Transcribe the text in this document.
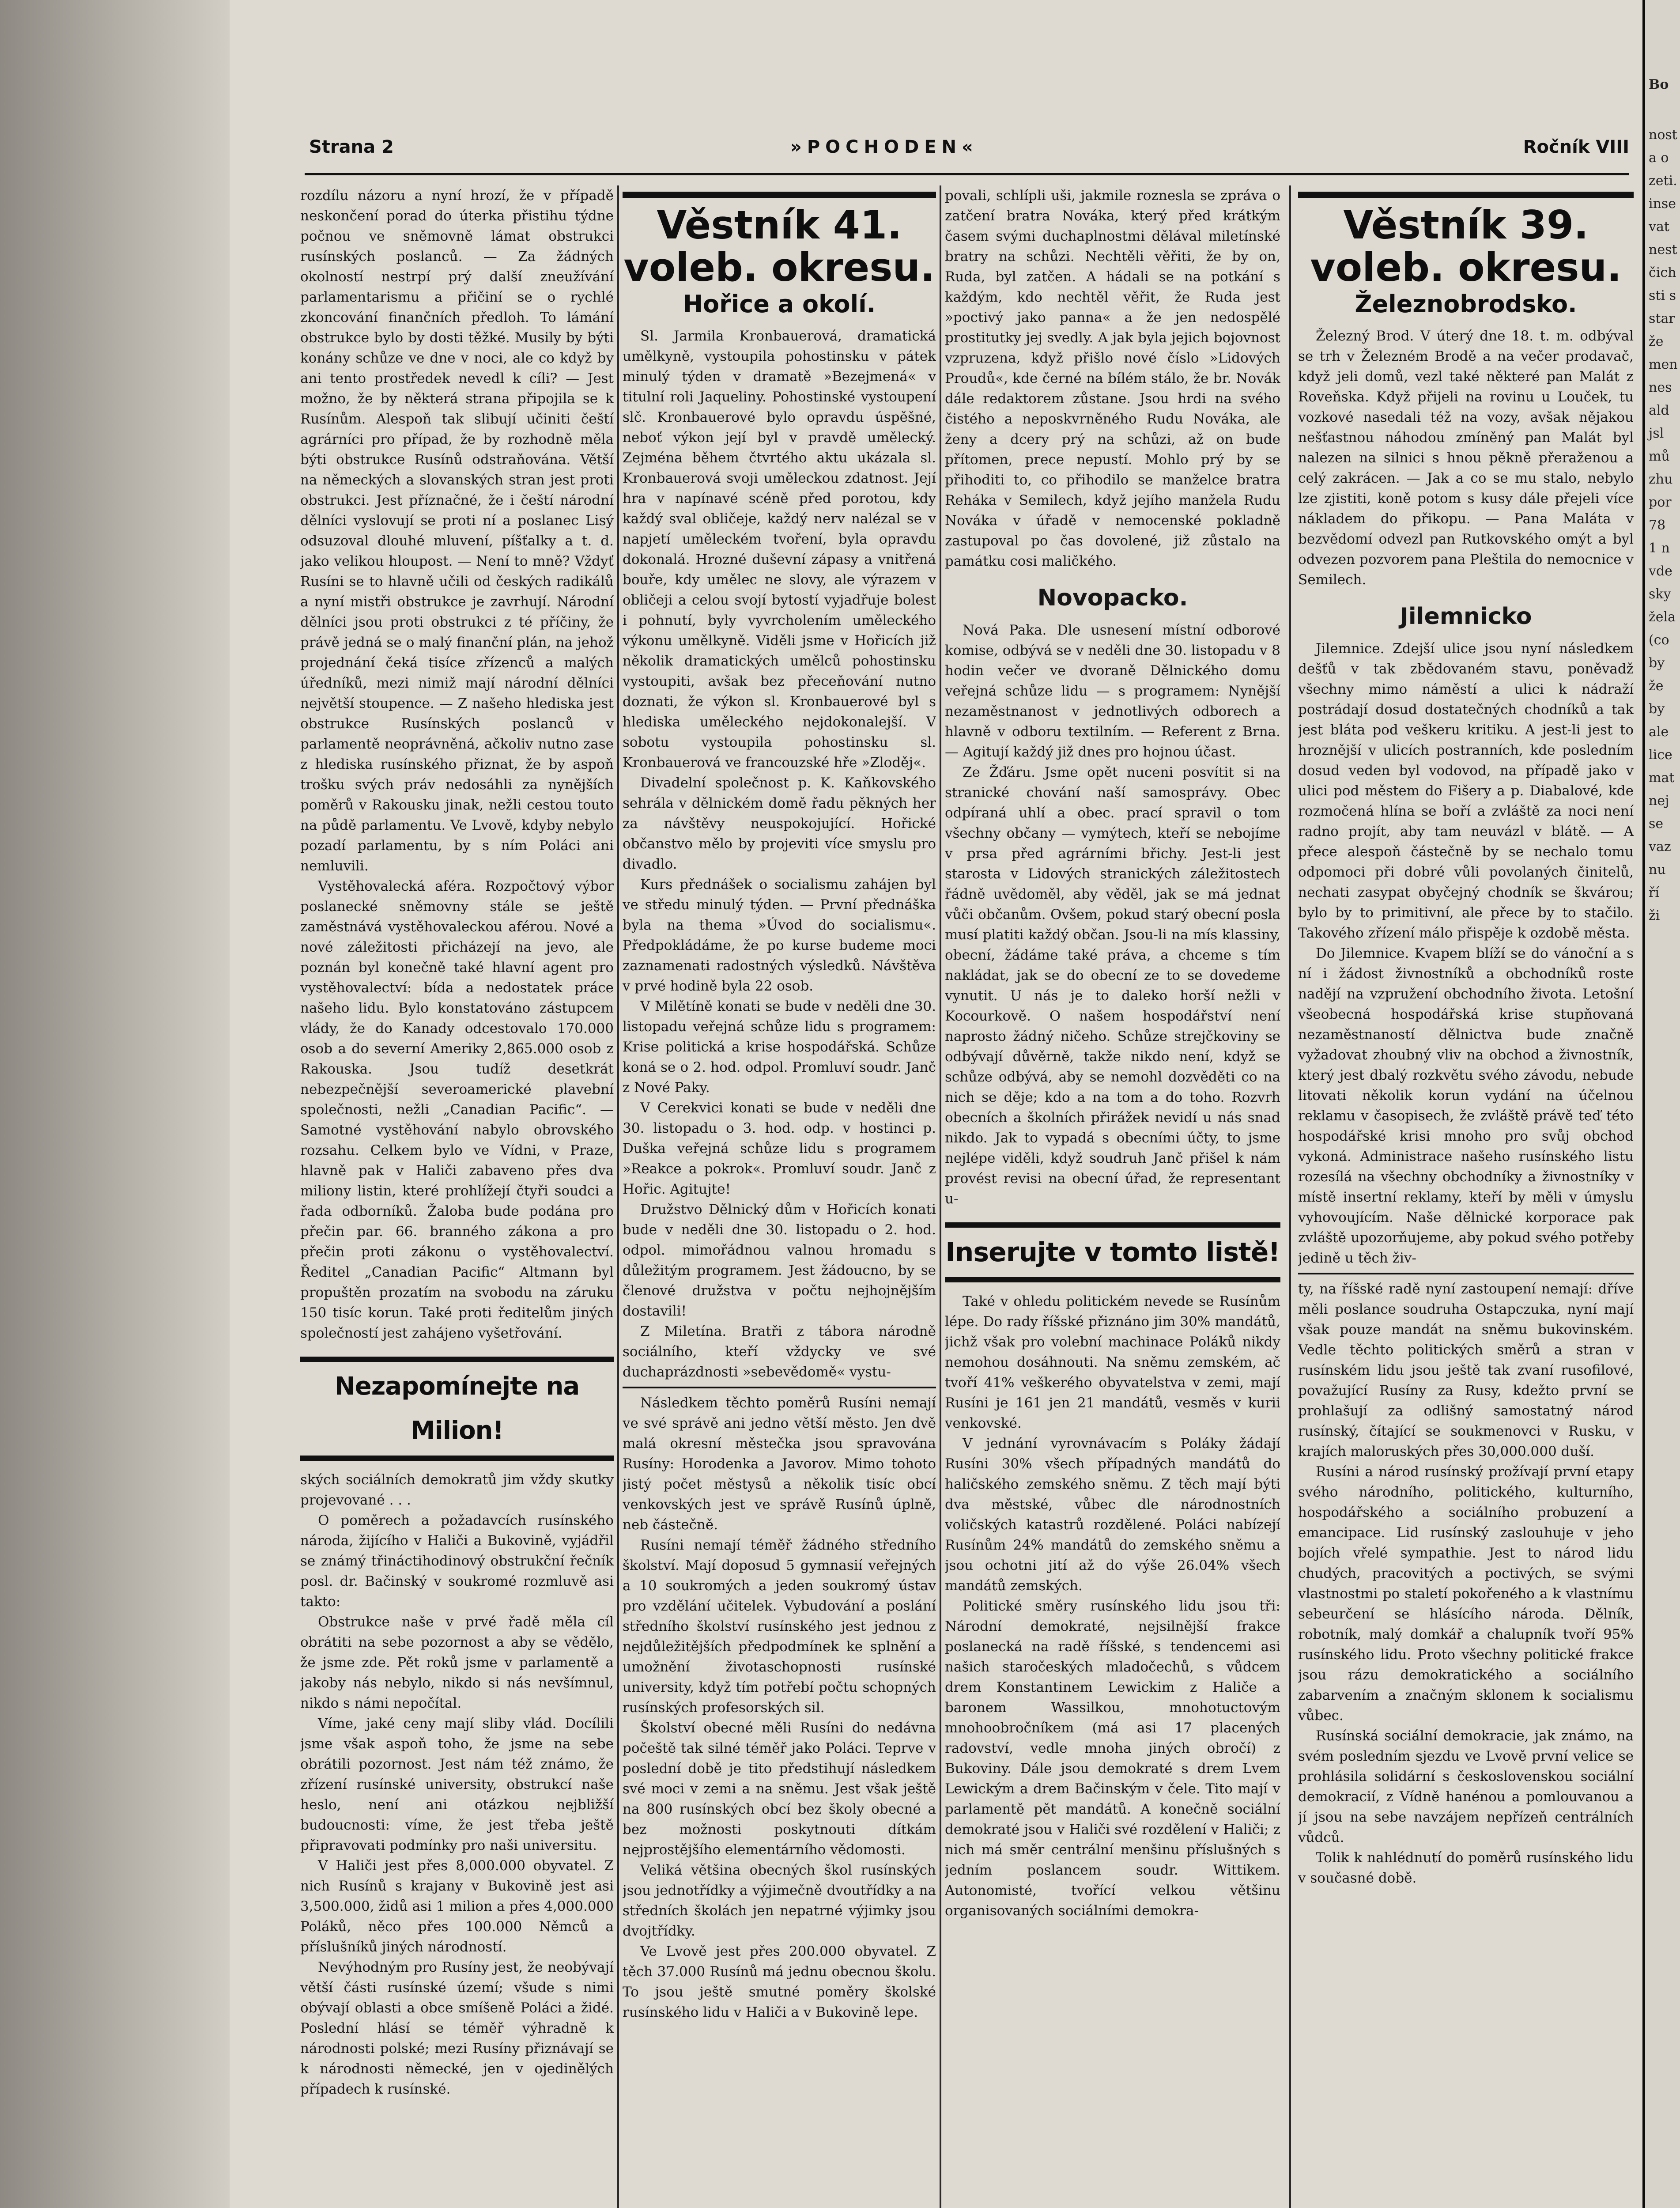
Strana 2	»POCHODEN«	Ročník VIII

rozdílu názoru a nyní hrozí, že v případě neskončení porad do úterka přistihu týdne počnou ve sněmovně lámat obstrukci rusínských poslanců. — Za žádných okolností nestrpí prý další zneužívání parlamentarismu a přičiní se o rychlé zkoncování finančních předloh. To lámání obstrukce bylo by dosti těžké. Musily by býti konány schůze ve dne v noci, ale co když by ani tento prostředek nevedl k cíli? — Jest možno, že by některá strana připojila se k Rusínům. Alespoň tak slibují učiniti čeští agrárníci pro případ, že by rozhodně měla býti obstrukce Rusínů odstraňována. Větší na německých a slovanských stran jest proti obstrukci. Jest příznačné, že i čeští národní dělníci vyslovují se proti ní a poslanec Lisý odsuzoval dlouhé mluvení, píšťalky a t. d. jako velikou hloupost. — Není to mně? Vždyť Rusíni se to hlavně učili od českých radikálů a nyní mistři obstrukce je zavrhují. Národní dělníci jsou proti obstrukci z té příčiny, že právě jedná se o malý finanční plán, na jehož projednání čeká tisíce zřízenců a malých úředníků, mezi nimiž mají národní dělníci největší stoupence. — Z našeho hlediska jest obstrukce Rusínských poslanců v parlamentě neoprávněná, ačkoliv nutno zase z hlediska rusínského přiznat, že by aspoň trošku svých práv nedosáhli za nynějších poměrů v Rakousku jinak, nežli cestou touto na půdě parlamentu. Ve Lvově, kdyby nebylo pozadí parlamentu, by s ním Poláci ani nemluvili.

Vystěhovalecká aféra. Rozpočtový výbor poslanecké sněmovny stále se ještě zaměstnává vystěhovaleckou aférou. Nové a nové záležitosti přicházejí na jevo, ale poznán byl konečně také hlavní agent pro vystěhovalectví: bída a nedostatek práce našeho lidu. Bylo konstatováno zástupcem vlády, že do Kanady odcestovalo 170.000 osob a do severní Ameriky 2,865.000 osob z Rakouska. Jsou tudíž desetkrát nebezpečnější severoamerické plavební společnosti, nežli „Canadian Pacific“. — Samotné vystěhování nabylo obrovského rozsahu. Celkem bylo ve Vídni, v Praze, hlavně pak v Haliči zabaveno přes dva miliony listin, které prohlížejí čtyři soudci a řada odborníků. Žaloba bude podána pro přečin par. 66. branného zákona a pro přečin proti zákonu o vystěhovalectví. Ředitel „Canadian Pacific“ Altmann byl propuštěn prozatím na svobodu na záruku 150 tisíc korun. Také proti ředitelům jiných společností jest zahájeno vyšetřování.

Nezapomínejte na Milion!

ských sociálních demokratů jim vždy skutky projevované . . .

O poměrech a požadavcích rusínského národa, žijícího v Haliči a Bukovině, vyjádřil se známý třináctihodinový obstrukční řečník posl. dr. Bačinský v soukromé rozmluvě asi takto:

Obstrukce naše v prvé řadě měla cíl obrátiti na sebe pozornost a aby se vědělo, že jsme zde. Pět roků jsme v parlamentě a jakoby nás nebylo, nikdo si nás nevšímnul, nikdo s námi nepočítal.

Víme, jaké ceny mají sliby vlád. Docílili jsme však aspoň toho, že jsme na sebe obrátili pozornost. Jest nám též známo, že zřízení rusínské university, obstrukcí naše heslo, není ani otázkou nejbližší budoucnosti: víme, že jest třeba ještě připravovati podmínky pro naši universitu.

V Haliči jest přes 8,000.000 obyvatel. Z nich Rusínů s krajany v Bukovině jest asi 3,500.000, židů asi 1 milion a přes 4,000.000 Poláků, něco přes 100.000 Němců a příslušníků jiných národností.

Nevýhodným pro Rusíny jest, že neobývají větší části rusínské území; všude s nimi obývají oblasti a obce smíšeně Poláci a židé. Poslední hlásí se téměř výhradně k národnosti polské; mezi Rusíny přiznávají se k národnosti německé, jen v ojedinělých případech k rusínské.

Věstník 41. voleb. okresu.
Hořice a okolí.

Sl. Jarmila Kronbauerová, dramatická umělkyně, vystoupila pohostinsku v pátek minulý týden v dramatě »Bezejmená« v titulní roli Jaqueliny. Pohostinské vystoupení slč. Kronbauerové bylo opravdu úspěšné, neboť výkon její byl v pravdě umělecký. Zejména během čtvrtého aktu ukázala sl. Kronbauerová svoji uměleckou zdatnost. Její hra v napínavé scéně před porotou, kdy každý sval obličeje, každý nerv nalézal se v napjetí uměleckém tvoření, byla opravdu dokonalá. Hrozné duševní zápasy a vnitřená bouře, kdy umělec ne slovy, ale výrazem v obličeji a celou svojí bytostí vyjadřuje bolest i pohnutí, byly vyvrcholením uměleckého výkonu umělkyně. Viděli jsme v Hořicích již několik dramatických umělců pohostinsku vystoupiti, avšak bez přeceňování nutno doznati, že výkon sl. Kronbauerové byl s hlediska uměleckého nejdokonalejší. V sobotu vystoupila pohostinsku sl. Kronbauerová ve francouzské hře »Zloděj«.

Divadelní společnost p. K. Kaňkovského sehrála v dělnickém domě řadu pěkných her za návštěvy neuspokojující. Hořické občanstvo mělo by projeviti více smyslu pro divadlo.

Kurs přednášek o socialismu zahájen byl ve středu minulý týden. — První přednáška byla na thema »Úvod do socialismu«. Předpokládáme, že po kurse budeme moci zaznamenati radostných výsledků. Návštěva v prvé hodině byla 22 osob.

V Milětíně konati se bude v neděli dne 30. listopadu veřejná schůze lidu s programem: Krise politická a krise hospodářská. Schůze koná se o 2. hod. odpol. Promluví soudr. Janč z Nové Paky.

V Cerekvici konati se bude v neděli dne 30. listopadu o 3. hod. odp. v hostinci p. Duška veřejná schůze lidu s programem »Reakce a pokrok«. Promluví soudr. Janč z Hořic. Agitujte!

Družstvo Dělnický dům v Hořicích konati bude v neděli dne 30. listopadu o 2. hod. odpol. mimořádnou valnou hromadu s důležitým programem. Jest žádoucno, by se členové družstva v počtu nejhojnějším dostavili!

Z Miletína. Bratři z tábora národně sociálního, kteří vždycky ve své duchaprázdnosti »sebevědomě« vystu-

Následkem těchto poměrů Rusíni nemají ve své správě ani jedno větší město. Jen dvě malá okresní městečka jsou spravována Rusíny: Horodenka a Javorov. Mimo tohoto jistý počet městysů a několik tisíc obcí venkovských jest ve správě Rusínů úplně, neb částečně.

Rusíni nemají téměř žádného středního školství. Mají doposud 5 gymnasií veřejných a 10 soukromých a jeden soukromý ústav pro vzdělání učitelek. Vybudování a poslání středního školství rusínského jest jednou z nejdůležitějších předpodmínek ke splnění a umožnění životaschopnosti rusínské university, když tím potřebí počtu schopných rusínských profesorských sil.

Školství obecné měli Rusíni do nedávna počeště tak silné téměř jako Poláci. Teprve v poslední době je tito předstihují následkem své moci v zemi a na sněmu. Jest však ještě na 800 rusínských obcí bez školy obecné a bez možnosti poskytnouti dítkám nejprostějšího elementárního vědomosti.

Veliká většina obecných škol rusínských jsou jednotřídky a výjimečně dvoutřídky a na středních školách jen nepatrné výjimky jsou dvojtřídky.

Ve Lvově jest přes 200.000 obyvatel. Z těch 37.000 Rusínů má jednu obecnou školu. To jsou ještě smutné poměry školské rusínského lidu v Haliči a v Bukovině lepe.

povali, schlípli uši, jakmile roznesla se zpráva o zatčení bratra Nováka, který před krátkým časem svými duchaplnostmi dělával miletínské bratry na schůzi. Nechtěli věřiti, že by on, Ruda, byl zatčen. A hádali se na potkání s každým, kdo nechtěl věřit, že Ruda jest »poctivý jako panna« a že jen nedospělé prostitutky jej svedly. A jak byla jejich bojovnost vzpruzena, když přišlo nové číslo »Lidových Proudů«, kde černé na bílém stálo, že br. Novák dále redaktorem zůstane. Jsou hrdi na svého čistého a neposkvrněného Rudu Nováka, ale ženy a dcery prý na schůzi, až on bude přítomen, prece nepustí. Mohlo prý by se přihoditi to, co přihodilo se manželce bratra Reháka v Semilech, když jejího manžela Rudu Nováka v úřadě v nemocenské pokladně zastupoval po čas dovolené, již zůstalo na památku cosi maličkého.

Novopacko.

Nová Paka. Dle usnesení místní odborové komise, odbývá se v neděli dne 30. listopadu v 8 hodin večer ve dvoraně Dělnického domu veřejná schůze lidu — s programem: Nynější nezaměstnanost v jednotlivých odborech a hlavně v odboru textilním. — Referent z Brna. — Agitují každý již dnes pro hojnou účast.

Ze Žďáru. Jsme opět nuceni posvítit si na stranické chování naší samosprávy. Obec odpíraná uhlí a obec. prací spravil o tom všechny občany — vymýtech, kteří se nebojíme v prsa před agrárními břichy. Jest-li jest starosta v Lidových stranických záležitostech řádně uvědoměl, aby věděl, jak se má jednat vůči občanům. Ovšem, pokud starý obecní posla musí platiti každý občan. Jsou-li na mís klassiny, obecní, žádáme také práva, a chceme s tím nakládat, jak se do obecní ze to se dovedeme vynutit. U nás je to daleko horší nežli v Kocourkově. O našem hospodářství není naprosto žádný ničeho. Schůze strejčkoviny se odbývají důvěrně, takže nikdo není, když se schůze odbývá, aby se nemohl dozvěděti co na nich se děje; kdo a na tom a do toho. Rozvrh obecních a školních přirážek nevidí u nás snad nikdo. Jak to vypadá s obecními účty, to jsme nejlépe viděli, když soudruh Janč přišel k nám provést revisi na obecní úřad, že representant u-

Inserujte v tomto listě!

Také v ohledu politickém nevede se Rusínům lépe. Do rady říšské přiznáno jim 30% mandátů, jichž však pro volební machinace Poláků nikdy nemohou dosáhnouti. Na sněmu zemském, ač tvoří 41% veškerého obyvatelstva v zemi, mají Rusíni je 161 jen 21 mandátů, vesměs v kurii venkovské.

V jednání vyrovnávacím s Poláky žádají Rusíni 30% všech případných mandátů do haličského zemského sněmu. Z těch mají býti dva městské, vůbec dle národnostních voličských katastrů rozdělené. Poláci nabízejí Rusínům 24% mandátů do zemského sněmu a jsou ochotni jití až do výše 26.04% všech mandátů zemských.

Politické směry rusínského lidu jsou tři: Národní demokraté, nejsilnější frakce poslanecká na radě říšské, s tendencemi asi našich staročeských mladočechů, s vůdcem drem Konstantinem Lewickim z Haliče a baronem Wassilkou, mnohotuctovým mnohoobročníkem (má asi 17 placených radovství, vedle mnoha jiných obročí) z Bukoviny. Dále jsou demokraté s drem Lvem Lewickým a drem Bačinským v čele. Tito mají v parlamentě pět mandátů. A konečně sociální demokraté jsou v Haliči své rozdělení v Haliči; z nich má směr centrální menšinu příslušných s jedním poslancem soudr. Wittikem. Autonomisté, tvořící velkou většinu organisovaných sociálními demokra-

Věstník 39. voleb. okresu.
Železnobrodsko.

Železný Brod. V úterý dne 18. t. m. odbýval se trh v Železném Brodě a na večer prodavač, když jeli domů, vezl také některé pan Malát z Roveňska. Když přijeli na rovinu u Louček, tu vozkové nasedali též na vozy, avšak nějakou nešťastnou náhodou zmíněný pan Malát byl nalezen na silnici s hnou pěkně přeraženou a celý zakrácen. — Jak a co se mu stalo, nebylo lze zjistiti, koně potom s kusy dále přejeli více nákladem do přikopu. — Pana Maláta v bezvědomí odvezl pan Rutkovského omýt a byl odvezen pozvorem pana Pleštila do nemocnice v Semilech.

Jilemnicko

Jilemnice. Zdejší ulice jsou nyní následkem dešťů v tak zbědovaném stavu, poněvadž všechny mimo náměstí a ulici k nádraží postrádají dosud dostatečných chodníků a tak jest bláta pod veškeru kritiku. A jest-li jest to hroznější v ulicích postranních, kde posledním dosud veden byl vodovod, na případě jako v ulici pod městem do Fišery a p. Diabalové, kde rozmočená hlína se boří a zvláště za noci není radno projít, aby tam neuvázl v blátě. — A přece alespoň částečně by se nechalo tomu odpomoci při dobré vůli povolaných činitelů, nechati zasypat obyčejný chodník se škvárou; bylo by to primitivní, ale přece by to stačilo. Takového zřízení málo přispěje k ozdobě města.

Do Jilemnice. Kvapem blíží se do vánoční a s ní i žádost živnostníků a obchodníků roste nadějí na vzpružení obchodního života. Letošní všeobecná hospodářská krise stupňovaná nezaměstnaností dělnictva bude značně vyžadovat zhoubný vliv na obchod a živnostník, který jest dbalý rozkvětu svého závodu, nebude litovati několik korun vydání na účelnou reklamu v časopisech, že zvláště právě teď této hospodářské krisi mnoho pro svůj obchod vykoná. Administrace našeho rusínského listu rozesílá na všechny obchodníky a živnostníky v místě insertní reklamy, kteří by měli v úmyslu vyhovoujícím. Naše dělnické korporace pak zvláště upozorňujeme, aby pokud svého potřeby jedině u těch živ-

ty, na říšské radě nyní zastoupení nemají: dříve měli poslance soudruha Ostapczuka, nyní mají však pouze mandát na sněmu bukovinském. Vedle těchto politických směrů a stran v rusínském lidu jsou ještě tak zvaní rusofilové, považující Rusíny za Rusy, kdežto první se prohlašují za odlišný samostatný národ rusínský, čítající se soukmenovci v Rusku, v krajích maloruských přes 30,000.000 duší.

Rusíni a národ rusínský prožívají první etapy svého národního, politického, kulturního, hospodářského a sociálního probuzení a emancipace. Lid rusínský zaslouhuje v jeho bojích vřelé sympathie. Jest to národ lidu chudých, pracovitých a poctivých, se svými vlastnostmi po staletí pokořeného a k vlastnímu sebeurčení se hlásícího národa. Dělník, robotník, malý domkář a chalupník tvoří 95% rusínského lidu. Proto všechny politické frakce jsou rázu demokratického a sociálního zabarvením a značným sklonem k socialismu vůbec.

Rusínská sociální demokracie, jak známo, na svém posledním sjezdu ve Lvově první velice se prohlásila solidární s československou sociální demokracií, z Vídně hanénou a pomlouvanou a jí jsou na sebe navzájem nepřízeň centrálních vůdců.

Tolik k nahlédnutí do poměrů rusínského lidu v současné době.

Bo
nost
a o
zeti.
inse
vat
nest
čich
sti s
star
že
men
nes
ald
jsl
mů
zhu
por
78
1 n
vde
sky
žela
(co
by
že
by
ale
lice
mat
nej
se
vaz
nu
ří
ži
